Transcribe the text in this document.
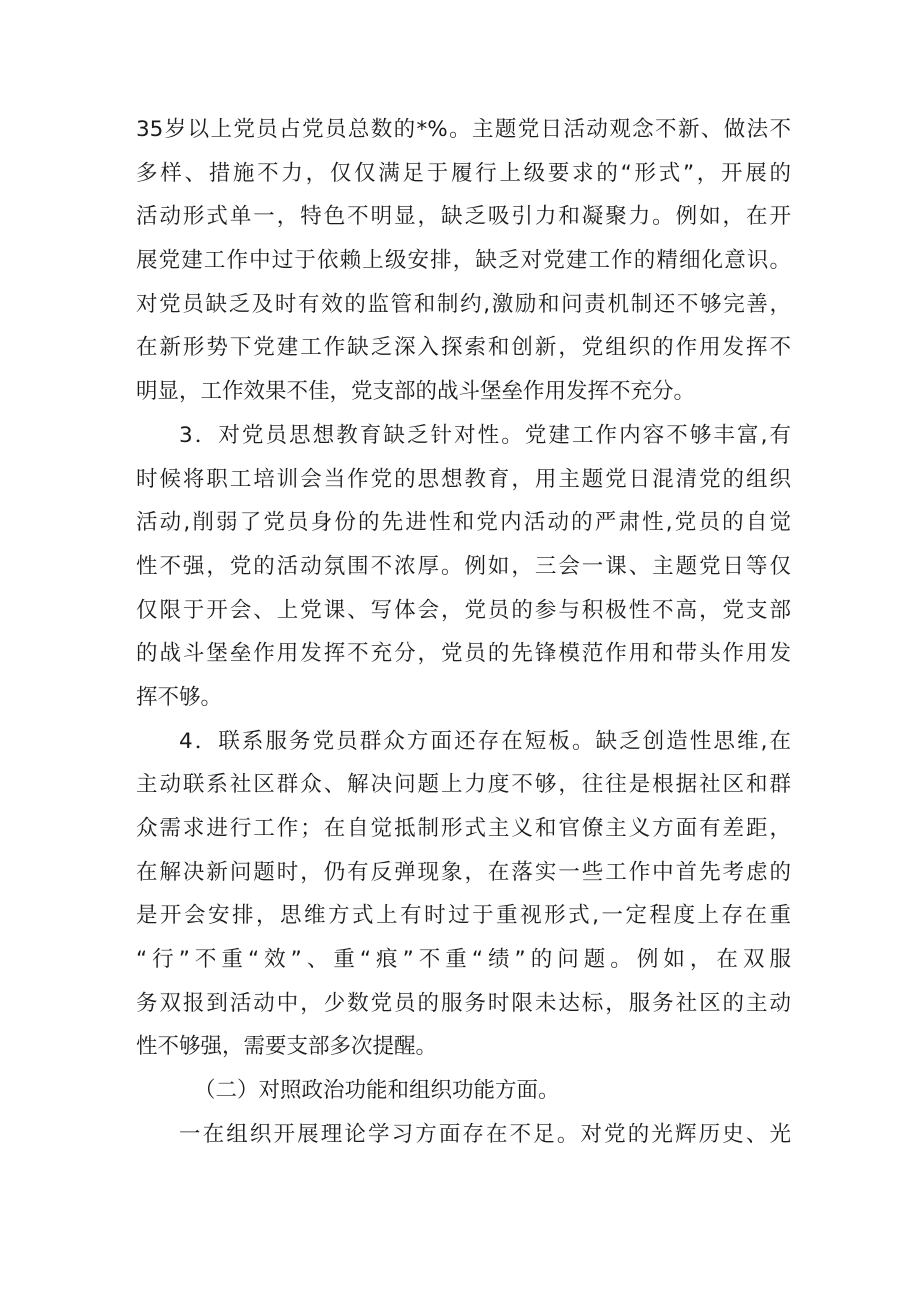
35岁以上党员占党员总数的*%。主题党日活动观念不新、做法不
多样、措施不力，仅仅满足于履行上级要求的“形式”，开展的
活动形式单一，特色不明显，缺乏吸引力和凝聚力。例如，在开
展党建工作中过于依赖上级安排，缺乏对党建工作的精细化意识。
对党员缺乏及时有效的监管和制约,激励和问责机制还不够完善，
在新形势下党建工作缺乏深入探索和创新，党组织的作用发挥不
明显，工作效果不佳，党支部的战斗堡垒作用发挥不充分。
3．对党员思想教育缺乏针对性。党建工作内容不够丰富,有
时候将职工培训会当作党的思想教育，用主题党日混清党的组织
活动,削弱了党员身份的先进性和党内活动的严肃性,党员的自觉
性不强，党的活动氛围不浓厚。例如，三会一课、主题党日等仅
仅限于开会、上党课、写体会，党员的参与积极性不高，党支部
的战斗堡垒作用发挥不充分，党员的先锋模范作用和带头作用发
挥不够。
4．联系服务党员群众方面还存在短板。缺乏创造性思维,在
主动联系社区群众、解决问题上力度不够，往往是根据社区和群
众需求进行工作；在自觉抵制形式主义和官僚主义方面有差距，
在解决新问题时，仍有反弹现象，在落实一些工作中首先考虑的
是开会安排，思维方式上有时过于重视形式,一定程度上存在重
“行”不重“效”、重“痕”不重“绩”的问题。例如，在双服
务双报到活动中，少数党员的服务时限未达标，服务社区的主动
性不够强，需要支部多次提醒。
（二）对照政治功能和组织功能方面。
一在组织开展理论学习方面存在不足。对党的光辉历史、光
